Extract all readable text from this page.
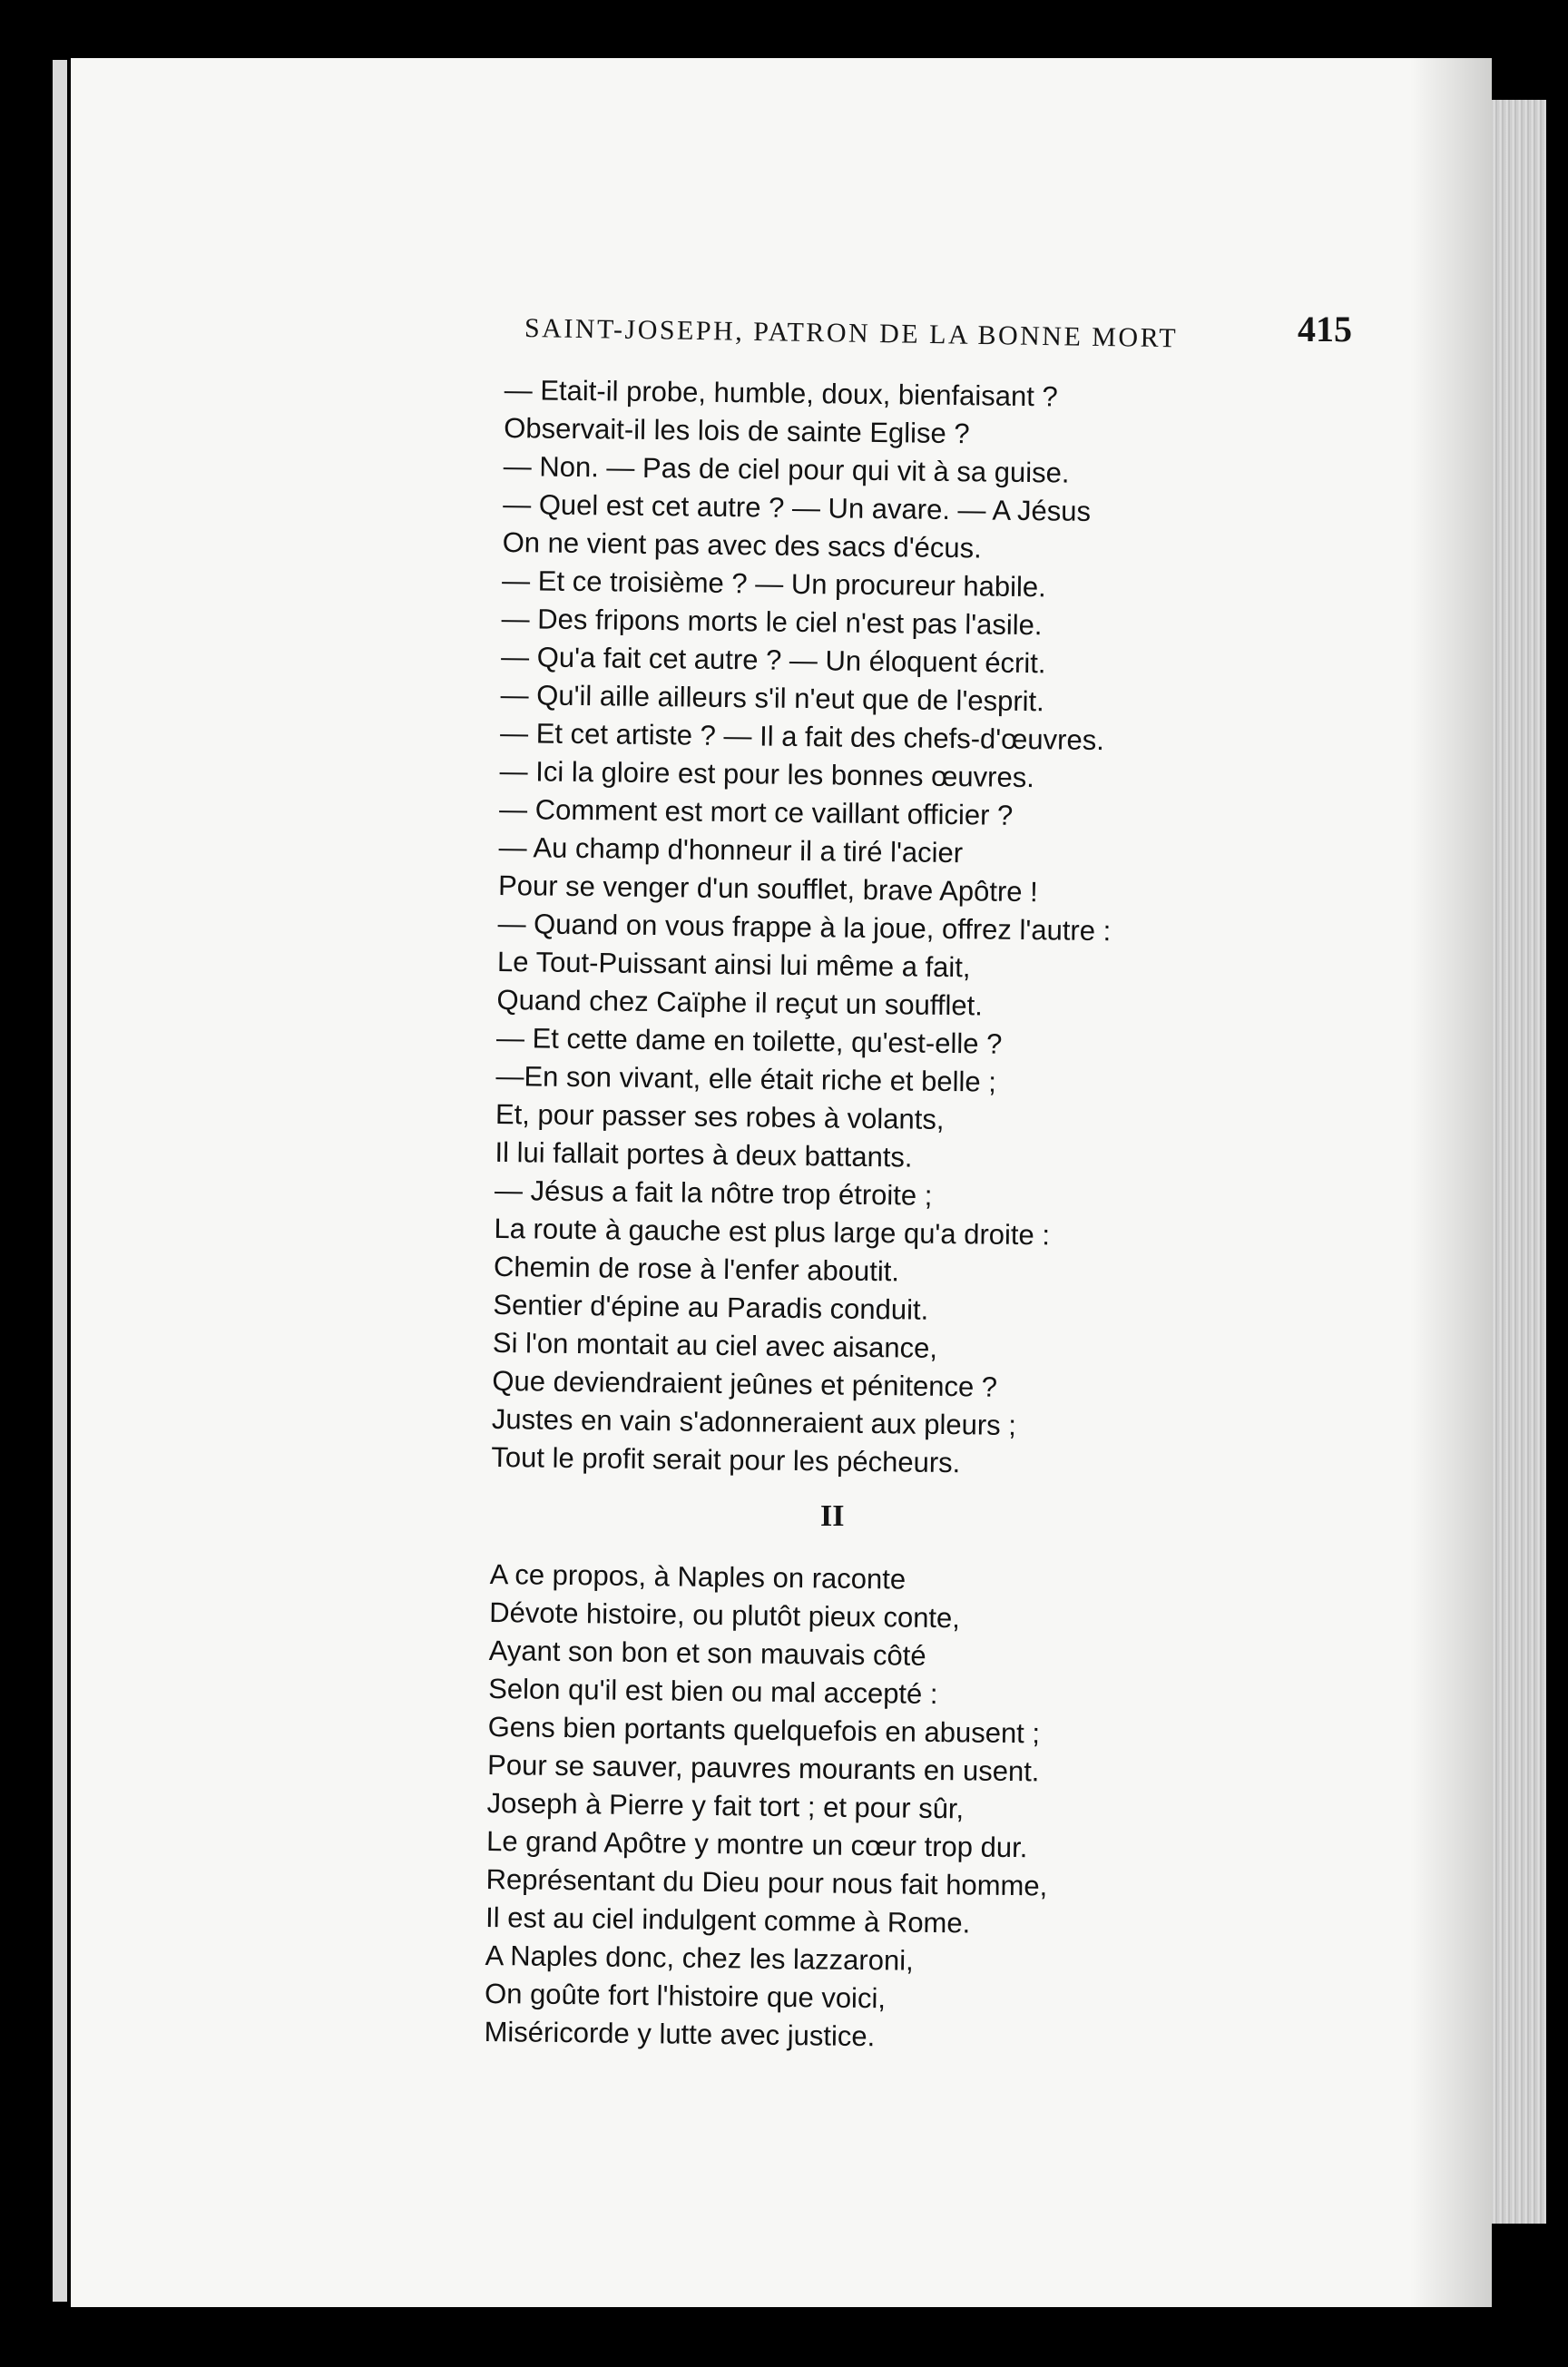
SAINT-JOSEPH, PATRON DE LA BONNE MORT	415
— Etait-il probe, humble, doux, bienfaisant ?
Observait-il les lois de sainte Eglise ?
— Non. — Pas de ciel pour qui vit à sa guise.
— Quel est cet autre ? — Un avare. — A Jésus
On ne vient pas avec des sacs d'écus.
— Et ce troisième ? — Un procureur habile.
— Des fripons morts le ciel n'est pas l'asile.
— Qu'a fait cet autre ? — Un éloquent écrit.
— Qu'il aille ailleurs s'il n'eut que de l'esprit.
— Et cet artiste ? — Il a fait des chefs-d'œuvres.
— Ici la gloire est pour les bonnes œuvres.
— Comment est mort ce vaillant officier ?
— Au champ d'honneur il a tiré l'acier
Pour se venger d'un soufflet, brave Apôtre !
— Quand on vous frappe à la joue, offrez l'autre :
Le Tout-Puissant ainsi lui même a fait,
Quand chez Caïphe il reçut un soufflet.
— Et cette dame en toilette, qu'est-elle ?
—En son vivant, elle était riche et belle ;
Et, pour passer ses robes à volants,
Il lui fallait portes à deux battants.
— Jésus a fait la nôtre trop étroite ;
La route à gauche est plus large qu'a droite :
Chemin de rose à l'enfer aboutit.
Sentier d'épine au Paradis conduit.
Si l'on montait au ciel avec aisance,
Que deviendraient jeûnes et pénitence ?
Justes en vain s'adonneraient aux pleurs ;
Tout le profit serait pour les pécheurs.
II
A ce propos, à Naples on raconte
Dévote histoire, ou plutôt pieux conte,
Ayant son bon et son mauvais côté
Selon qu'il est bien ou mal accepté :
Gens bien portants quelquefois en abusent ;
Pour se sauver, pauvres mourants en usent.
Joseph à Pierre y fait tort ; et pour sûr,
Le grand Apôtre y montre un cœur trop dur.
Représentant du Dieu pour nous fait homme,
Il est au ciel indulgent comme à Rome.
A Naples donc, chez les lazzaroni,
On goûte fort l'histoire que voici,
Miséricorde y lutte avec justice.
